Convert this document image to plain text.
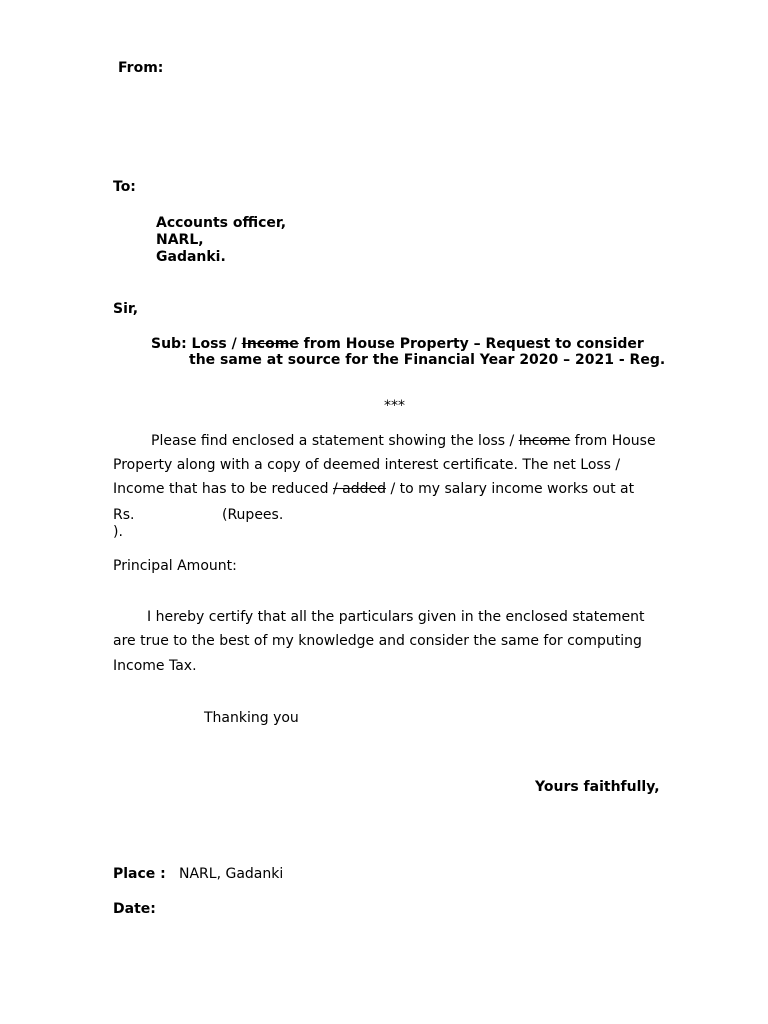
From:
To:
Accounts officer,
NARL,
Gadanki.
Sir,
Sub: Loss / Income from House Property – Request to consider
the same at source for the Financial Year 2020 – 2021 - Reg.
***
Please find enclosed a statement showing the loss / Income from House
Property along with a copy of deemed interest certificate. The net Loss /
Income that has to be reduced / added / to my salary income works out at
Rs.	(Rupees.
).
Principal Amount:
I hereby certify that all the particulars given in the enclosed statement
are true to the best of my knowledge and consider the same for computing
Income Tax.
Thanking you
Yours faithfully,
Place : NARL, Gadanki
Date:
